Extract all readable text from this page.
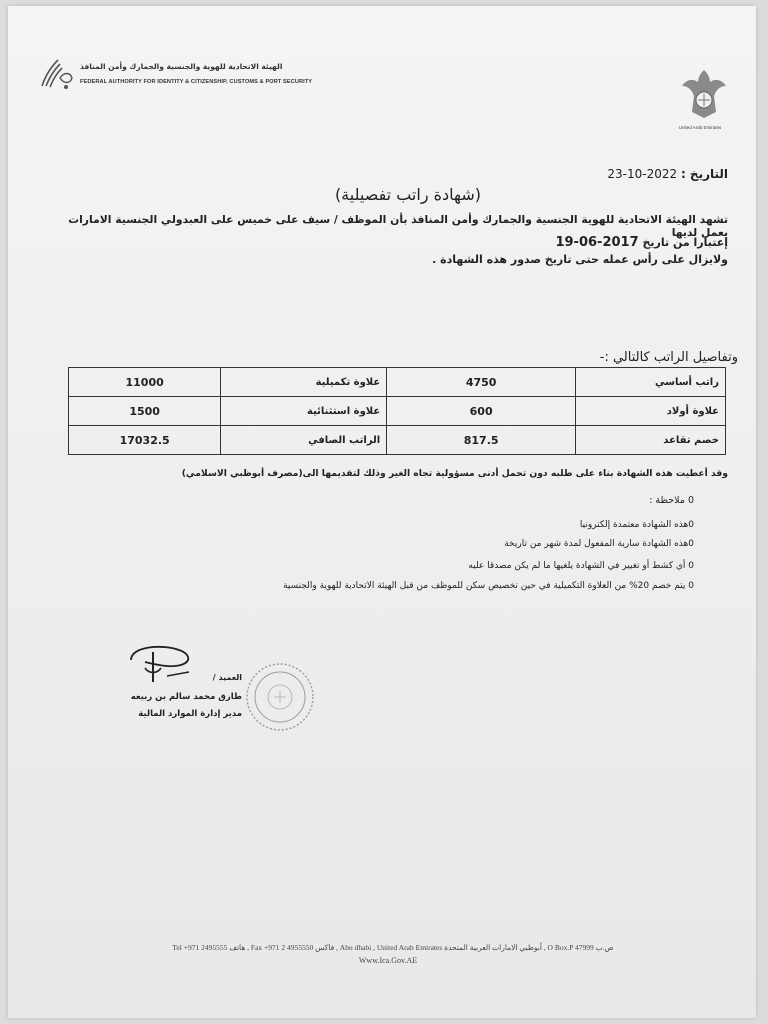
الهيئة الاتحادية للهوية والجنسية والجمارك وأمن المنافذ
FEDERAL AUTHORITY FOR IDENTITY & CITIZENSHIP, CUSTOMS & PORT SECURITY
United Arab Emirates
التاريخ : 2022-10-23
(شهادة راتب تفصيلية)
تشهد الهيئة الاتحادية للهوية الجنسية والجمارك وأمن المنافذ بأن الموظف / سيف على خميس على العبدولي الجنسية الامارات يعمل لديها
إعتبارا من تاريخ 2017-06-19
ولايزال على رأس عمله حتى تاريخ صدور هذه الشهادة .
وتفاصيل الراتب كالتالي :-
راتب أساسي	4750	علاوة تكميلية	11000
علاوة أولاد	600	علاوة استثنائية	1500
خصم تقاعد	817.5	الراتب الصافي	17032.5
وقد أعطيت هذه الشهادة بناء على طلبه دون تحمل أدنى مسؤولية تجاه الغير وذلك لتقديمها الى(مصرف أبوظبي الاسلامي)
0 ملاحظة :
0هذه الشهادة معتمدة إلكترونيا
0هذه الشهادة سارية المفعول لمدة شهر من تاريخة
0 أي كشط أو تغيير في الشهادة يلغيها ما لم يكن مصدقا عليه
0 يتم خصم 20% من العلاوة التكميلية في حين تخصيص سكن للموظف من قبل الهيئة الاتحادية للهوية والجنسية
العميد /
طارق محمد سالم بن ربيعه
مدير إدارة الموارد المالية
Tel +971 2495555 هاتف , Fax +971 2 4955550 فاكس , Abu dhabi , United Arab Emirates أبوظبي الامارات العربية المتحدة , O Box.P 47999 ص.ب
Www.Ica.Gov.AE
